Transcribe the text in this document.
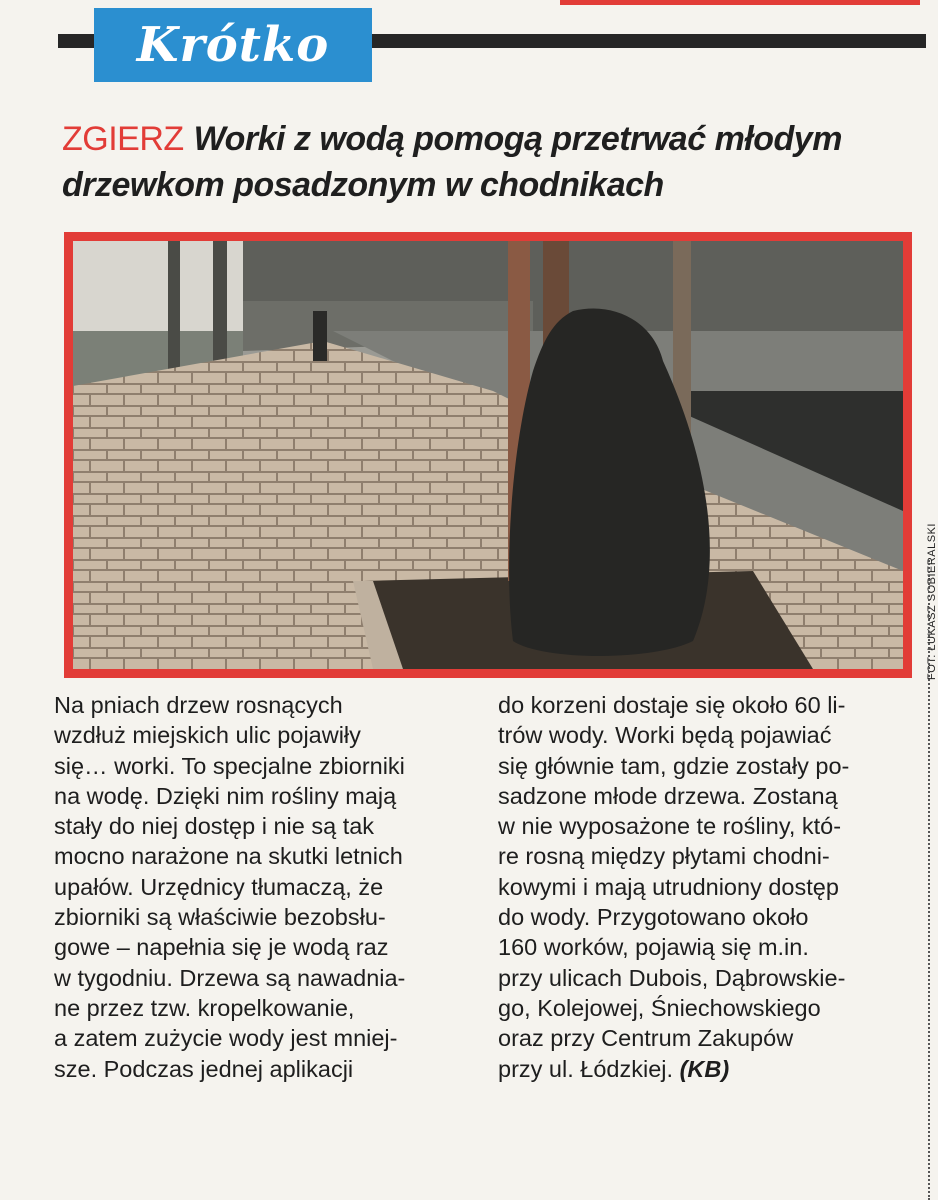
Krótko
ZGIERZ Worki z wodą pomogą przetrwać młodym drzewkom posadzonym w chodnikach
FOT. ŁUKASZ SOBIERALSKI

Na pniach drzew rosnących

wzdłuż miejskich ulic pojawiły

się… worki. To specjalne zbiorniki

na wodę. Dzięki nim rośliny mają

stały do niej dostęp i nie są tak

mocno narażone na skutki letnich

upałów. Urzędnicy tłumaczą, że

zbiorniki są właściwie bezobsłu-

gowe – napełnia się je wodą raz

w tygodniu. Drzewa są nawadnia-

ne przez tzw. kropelkowanie,

a zatem zużycie wody jest mniej-

sze. Podczas jednej aplikacji

do korzeni dostaje się około 60 li-

trów wody. Worki będą pojawiać

się głównie tam, gdzie zostały po-

sadzone młode drzewa. Zostaną

w nie wyposażone te rośliny, któ-

re rosną między płytami chodni-

kowymi i mają utrudniony dostęp

do wody. Przygotowano około

160 worków, pojawią się m.in.

przy ulicach Dubois, Dąbrowskie-

go, Kolejowej, Śniechowskiego

oraz przy Centrum Zakupów

przy ul. Łódzkiej. (KB)
